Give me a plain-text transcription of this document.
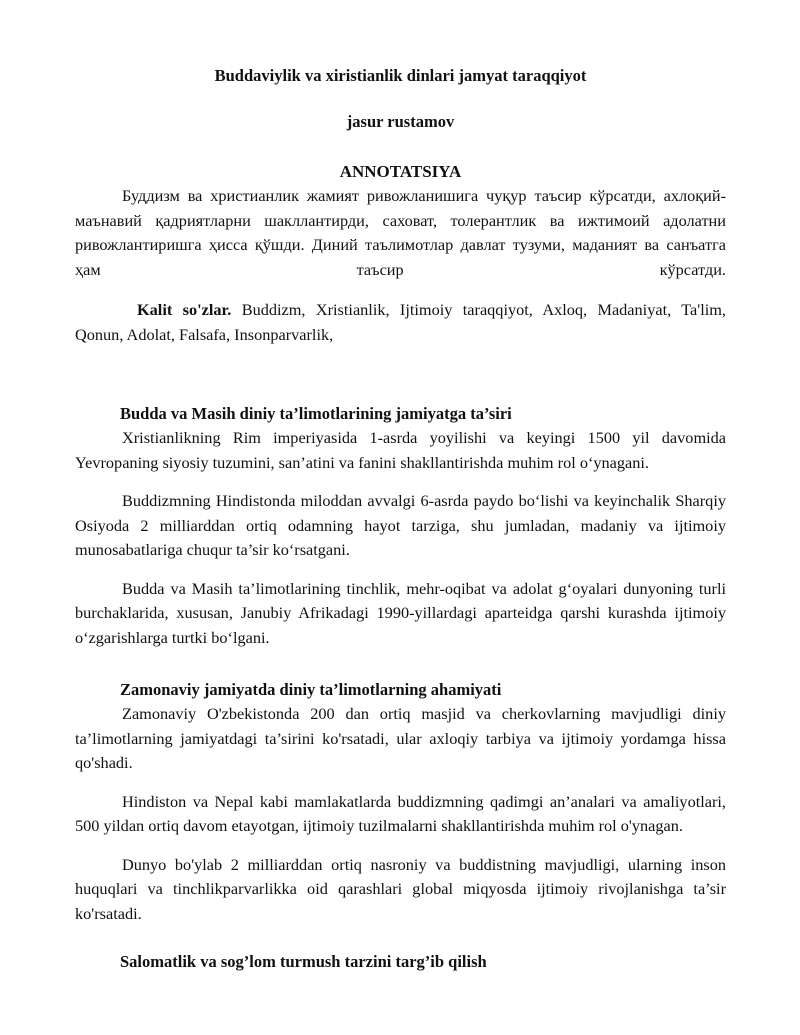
Buddaviylik va xiristianlik dinlari jamyat taraqqiyot
jasur rustamov
ANNOTATSIYA

Буддизм ва христианлик жамият ривожланишига чуқур таъсир кўрсатди, ахлоқий-маънавий қадриятларни шакллантирди, саховат, толерантлик ва ижтимоий адолатни ривожлантиришга ҳисса қўшди. Диний таълимотлар давлат тузуми, маданият ва санъатга ҳам таъсир кўрсатди.

Kalit so'zlar. Buddizm, Xristianlik, Ijtimoiy taraqqiyot, Axloq, Madaniyat, Ta'lim, Qonun, Adolat, Falsafa, Insonparvarlik,

Budda va Masih diniy ta’limotlarining jamiyatga ta’siri

Xristianlikning Rim imperiyasida 1-asrda yoyilishi va keyingi 1500 yil davomida Yevropaning siyosiy tuzumini, san’atini va fanini shakllantirishda muhim rol o‘ynagani.

Buddizmning Hindistonda miloddan avvalgi 6-asrda paydo bo‘lishi va keyinchalik Sharqiy Osiyoda 2 milliarddan ortiq odamning hayot tarziga, shu jumladan, madaniy va ijtimoiy munosabatlariga chuqur ta’sir ko‘rsatgani.

Budda va Masih ta’limotlarining tinchlik, mehr-oqibat va adolat g‘oyalari dunyoning turli burchaklarida, xususan, Janubiy Afrikadagi 1990-yillardagi aparteidga qarshi kurashda ijtimoiy o‘zgarishlarga turtki bo‘lgani.

Zamonaviy jamiyatda diniy ta’limotlarning ahamiyati

Zamonaviy O'zbekistonda 200 dan ortiq masjid va cherkovlarning mavjudligi diniy ta’limotlarning jamiyatdagi ta’sirini ko'rsatadi, ular axloqiy tarbiya va ijtimoiy yordamga hissa qo'shadi.

Hindiston va Nepal kabi mamlakatlarda buddizmning qadimgi an’analari va amaliyotlari, 500 yildan ortiq davom etayotgan, ijtimoiy tuzilmalarni shakllantirishda muhim rol o'ynagan.

Dunyo bo'ylab 2 milliarddan ortiq nasroniy va buddistning mavjudligi, ularning inson huquqlari va tinchlikparvarlikka oid qarashlari global miqyosda ijtimoiy rivojlanishga ta’sir ko'rsatadi.

Salomatlik va sog’lom turmush tarzini targ’ib qilish
